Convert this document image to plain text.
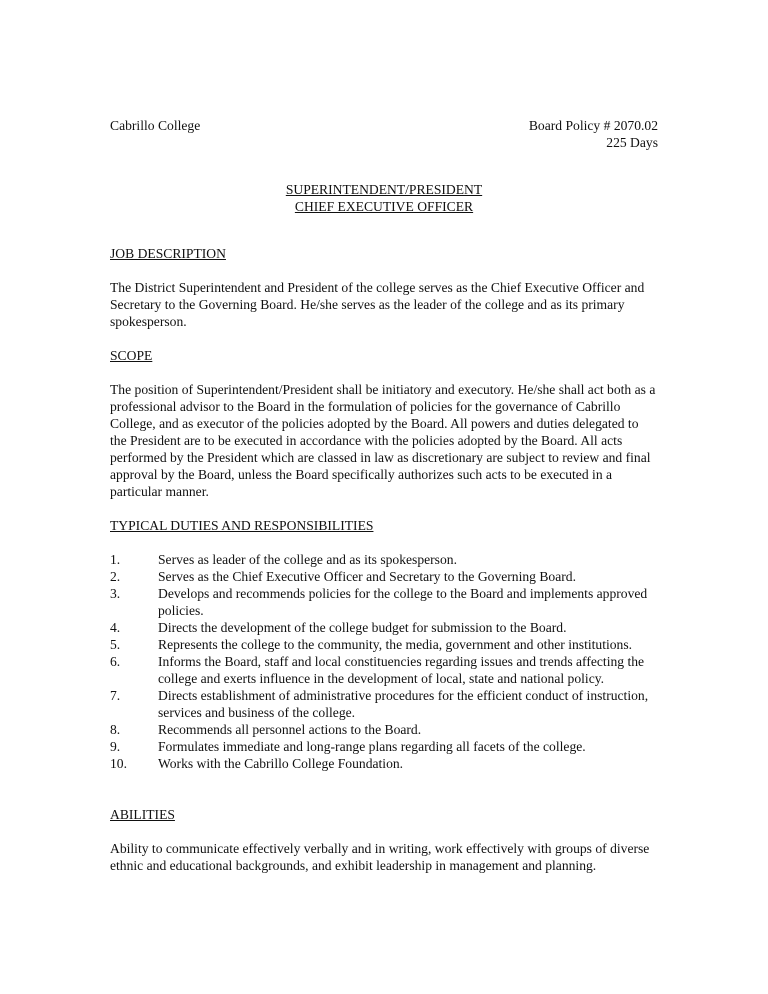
Cabrillo College	Board Policy # 2070.02
225 Days
SUPERINTENDENT/PRESIDENT
CHIEF EXECUTIVE OFFICER

JOB DESCRIPTION

The District Superintendent and President of the college serves as the Chief Executive Officer and Secretary to the Governing Board. He/she serves as the leader of the college and as its primary spokesperson.

SCOPE

The position of Superintendent/President shall be initiatory and executory. He/she shall act both as a professional advisor to the Board in the formulation of policies for the governance of Cabrillo College, and as executor of the policies adopted by the Board. All powers and duties delegated to the President are to be executed in accordance with the policies adopted by the Board. All acts performed by the President which are classed in law as discretionary are subject to review and final approval by the Board, unless the Board specifically authorizes such acts to be executed in a particular manner.

TYPICAL DUTIES AND RESPONSIBILITIES

1.	Serves as leader of the college and as its spokesperson.
2.	Serves as the Chief Executive Officer and Secretary to the Governing Board.
3.	Develops and recommends policies for the college to the Board and implements approved policies.
4.	Directs the development of the college budget for submission to the Board.
5.	Represents the college to the community, the media, government and other institutions.
6.	Informs the Board, staff and local constituencies regarding issues and trends affecting the college and exerts influence in the development of local, state and national policy.
7.	Directs establishment of administrative procedures for the efficient conduct of instruction, services and business of the college.
8.	Recommends all personnel actions to the Board.
9.	Formulates immediate and long-range plans regarding all facets of the college.
10.	Works with the Cabrillo College Foundation.

ABILITIES

Ability to communicate effectively verbally and in writing, work effectively with groups of diverse ethnic and educational backgrounds, and exhibit leadership in management and planning.
